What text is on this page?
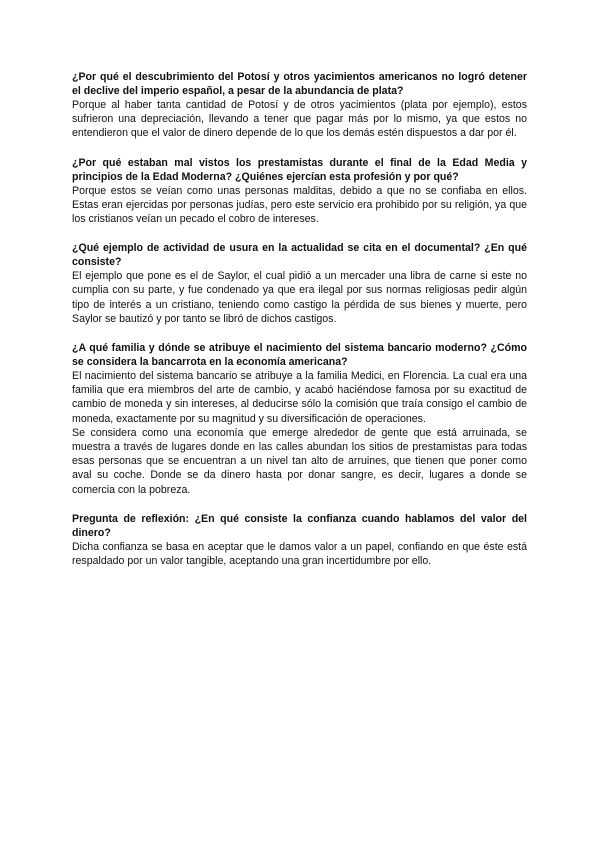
¿Por qué el descubrimiento del Potosí y otros yacimientos americanos no logró detener el declive del imperio español, a pesar de la abundancia de plata?

Porque al haber tanta cantidad de Potosí y de otros yacimientos (plata por ejemplo), estos sufrieron una depreciación, llevando a tener que pagar más por lo mismo, ya que estos no entendieron que el valor de dinero depende de lo que los demás estén dispuestos a dar por él.

¿Por qué estaban mal vistos los prestamistas durante el final de la Edad Media y principios de la Edad Moderna? ¿Quiénes ejercían esta profesión y por qué?

Porque estos se veían como unas personas malditas, debido a que no se confiaba en ellos. Estas eran ejercidas por personas judías, pero este servicio era prohibido por su religión, ya que los cristianos veían un pecado el cobro de intereses.

¿Qué ejemplo de actividad de usura en la actualidad se cita en el documental? ¿En qué consiste?

El ejemplo que pone es el de Saylor, el cual pidió a un mercader una libra de carne si este no cumplia con su parte, y fue condenado ya que era ilegal por sus normas religiosas pedir algún tipo de interés a un cristiano, teniendo como castigo la pérdida de sus bienes y muerte, pero Saylor se bautizó y por tanto se libró de dichos castigos.

¿A qué familia y dónde se atribuye el nacimiento del sistema bancario moderno? ¿Cómo se considera la bancarrota en la economía americana?

El nacimiento del sistema bancario se atribuye a la familia Medici, en Florencia. La cual era una familia que era miembros del arte de cambio, y acabó haciéndose famosa por su exactitud de cambio de moneda y sin intereses, al deducirse sólo la comisión que traía consigo el cambio de moneda, exactamente por su magnitud y su diversificación de operaciones.

Se considera como una economía que emerge alrededor de gente que está arruinada, se muestra a través de lugares donde en las calles abundan los sitios de prestamistas para todas esas personas que se encuentran a un nivel tan alto de arruines, que tienen que poner como aval su coche. Donde se da dinero hasta por donar sangre, es decir, lugares a donde se comercia con la pobreza.

Pregunta de reflexión: ¿En qué consiste la confianza cuando hablamos del valor del dinero?

Dicha confianza se basa en aceptar que le damos valor a un papel, confiando en que éste está respaldado por un valor tangible, aceptando una gran incertidumbre por ello.
